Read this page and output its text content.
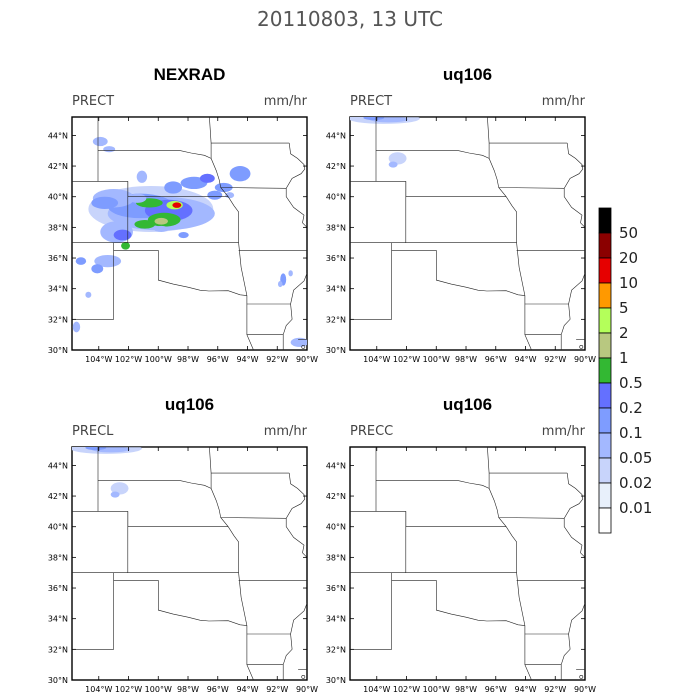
20110803, 13 UTC
NEXRAD
PRECT	mm/hr
104°W 102°W 100°W 98°W 96°W 94°W 92°W 90°W
44°N
42°N
40°N
38°N
36°N
34°N
32°N
30°N
uq106
PRECT	mm/hr
104°W 102°W 100°W 98°W 96°W 94°W 92°W 90°W
44°N
42°N
40°N
38°N
36°N
34°N
32°N
30°N
uq106
PRECL	mm/hr
104°W 102°W 100°W 98°W 96°W 94°W 92°W 90°W
44°N
42°N
40°N
38°N
36°N
34°N
32°N
30°N
uq106
PRECC	mm/hr
104°W 102°W 100°W 98°W 96°W 94°W 92°W 90°W
44°N
42°N
40°N
38°N
36°N
34°N
32°N
30°N
50
20
10
5
2
1
0.5
0.2
0.1
0.05
0.02
0.01
